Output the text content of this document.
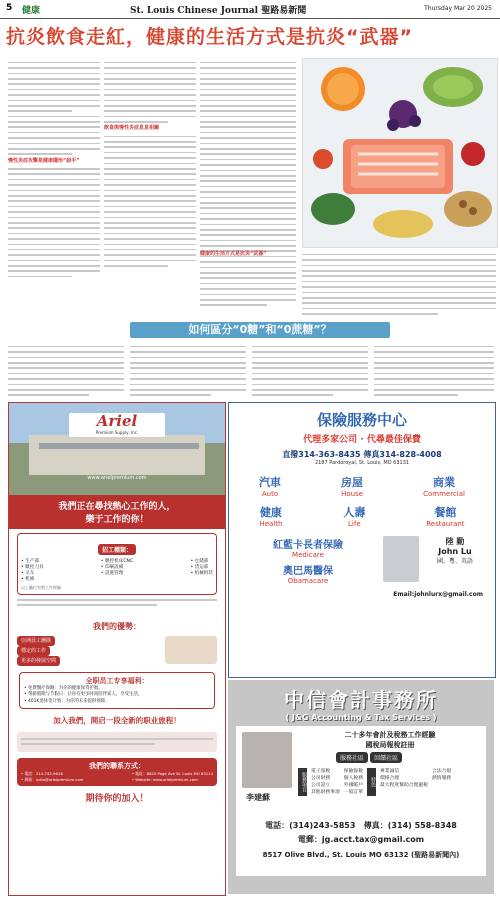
5 健康	St. Louis Chinese Journal 聖路易新聞	Thursday Mar 20 2025
抗炎飲食走紅，健康的生活方式是抗炎“武器”
慢性炎症攻擊是健康隱形“殺手”
飲食與慢性炎症息息相關
健康的生活方式是抗炎“武器”
如何區分“0糖”和“0蔗糖”？
Ariel
Premium Supply, Inc.
www.arielpremium.com
我們正在尋找熱心工作的人，
樂于工作的你！
招工種類：
• 生产部
• 數控刀具
• 叉车
• 机修
• 數控机床CNC
• 印刷設備
• 設施管理
• 仓储部
• 货运部
• 机械组装
以上職位有獎工作經驗
我們的優勢：
亞洲員工團隊
穩定的工作
更多的發展空間
全职员工专享福利：
• 免費醫疗保險：为你的健康保驾护航。
• 帶薪假期与节假日：让你有更多时间陪伴家人，享受生活。
• 401K退休金计划：为你的未来提供保障。
加入我們，開启一段全新的职业旅程！
我們的聯系方式：
• 電話：314-743-9616
• 郵箱：lydia@arielpremium.com
• 地址：8825 Page Ave St. Louis MO 63114
• Website: www.arielpremium.com
期待你的加入！
保險服務中心
代理多家公司 · 代尋最佳保費
直撥314-363-8435 傳真314-828-4008
2187 Pardoroyal, St. Louis, MO 63131
汽車
Auto
房屋
House
商業
Commercial
健康
Health
人壽
Life
餐館
Restaurant
紅藍卡長者保險
Medicare
奧巴馬醫保
Obamacare
陸 勤
John Lu
國、粵、英語
Email:johnlurx@gmail.com
中信會計事務所
( J&G Accounting & Tax Services )
李建蘇
二十多年會計及稅務工作經驗
國稅局報稅註冊
服務社區 回饋社區
服務項目
電子報稅
公司財務
公司設立
其他財務事項
保險報稅
個人稅務
外國帳戶
一般訂單
特色
專業誠信
價格合理
最大程度幫助合理避稅
合法合規
熱情服務
電話：(314)243-5853 傳真：(314) 558-8348
電郵：jg.acct.tax@gmail.com
8517 Olive Blvd., St. Louis MO 63132 (聖路易新聞內)
